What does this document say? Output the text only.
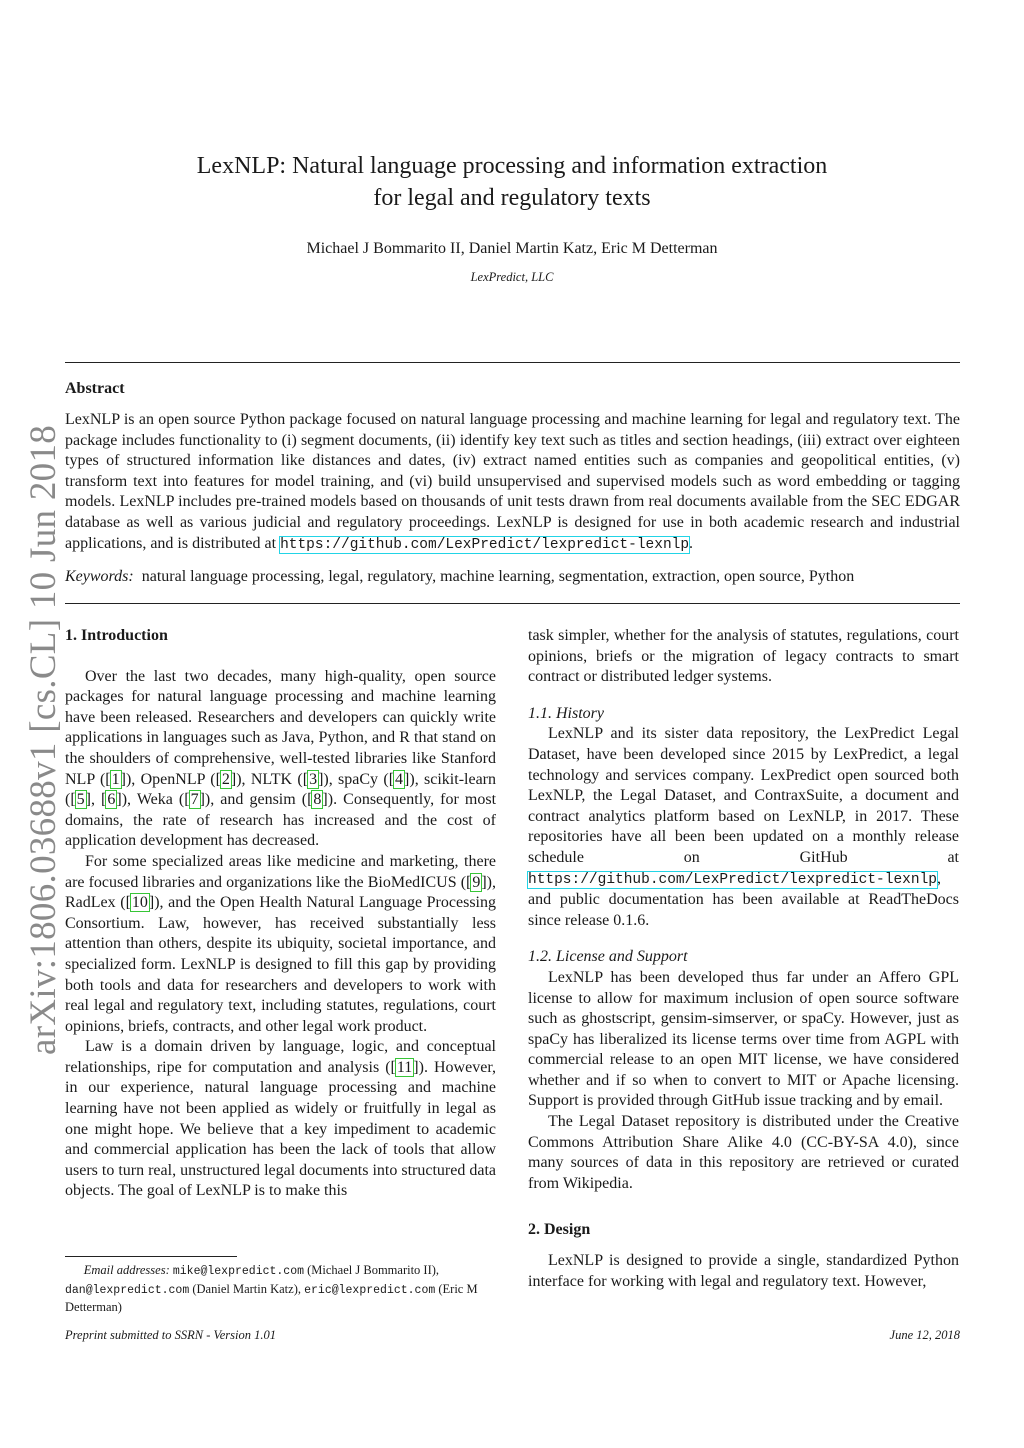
arXiv:1806.03688v1 [cs.CL] 10 Jun 2018
LexNLP: Natural language processing and information extraction
for legal and regulatory texts
Michael J Bommarito II, Daniel Martin Katz, Eric M Detterman
LexPredict, LLC
Abstract
LexNLP is an open source Python package focused on natural language processing and machine learning for legal and regulatory text. The package includes functionality to (i) segment documents, (ii) identify key text such as titles and section headings, (iii) extract over eighteen types of structured information like distances and dates, (iv) extract named entities such as companies and geopolitical entities, (v) transform text into features for model training, and (vi) build unsupervised and supervised models such as word embedding or tagging models. LexNLP includes pre-trained models based on thousands of unit tests drawn from real documents available from the SEC EDGAR database as well as various judicial and regulatory proceedings. LexNLP is designed for use in both academic research and industrial applications, and is distributed at https://github.com/LexPredict/lexpredict-lexnlp.
Keywords: natural language processing, legal, regulatory, machine learning, segmentation, extraction, open source, Python
1. Introduction

Over the last two decades, many high-quality, open source packages for natural language processing and machine learning have been released. Researchers and developers can quickly write applications in languages such as Java, Python, and R that stand on the shoulders of comprehensive, well-tested libraries like Stanford NLP ([1]), OpenNLP ([2]), NLTK ([3]), spaCy ([4]), scikit-learn ([5], [6]), Weka ([7]), and gensim ([8]). Consequently, for most domains, the rate of research has increased and the cost of application development has decreased.

For some specialized areas like medicine and marketing, there are focused libraries and organizations like the BioMedICUS ([9]), RadLex ([10]), and the Open Health Natural Language Processing Consortium. Law, however, has received substantially less attention than others, despite its ubiquity, societal importance, and specialized form. LexNLP is designed to fill this gap by providing both tools and data for researchers and developers to work with real legal and regulatory text, including statutes, regulations, court opinions, briefs, contracts, and other legal work product.

Law is a domain driven by language, logic, and conceptual relationships, ripe for computation and analysis ([11]). However, in our experience, natural language processing and machine learning have not been applied as widely or fruitfully in legal as one might hope. We believe that a key impediment to academic and commercial application has been the lack of tools that allow users to turn real, unstructured legal documents into structured data objects. The goal of LexNLP is to make this

task simpler, whether for the analysis of statutes, regulations, court opinions, briefs or the migration of legacy contracts to smart contract or distributed ledger systems.

1.1. History

LexNLP and its sister data repository, the LexPredict Legal Dataset, have been developed since 2015 by LexPredict, a legal technology and services company. LexPredict open sourced both LexNLP, the Legal Dataset, and ContraxSuite, a document and contract analytics platform based on LexNLP, in 2017. These repositories have all been been updated on a monthly release schedule on GitHub at https://github.com/LexPredict/lexpredict-lexnlp, and public documentation has been available at ReadTheDocs since release 0.1.6.

1.2. License and Support

LexNLP has been developed thus far under an Affero GPL license to allow for maximum inclusion of open source software such as ghostscript, gensim-simserver, or spaCy. However, just as spaCy has liberalized its license terms over time from AGPL with commercial release to an open MIT license, we have considered whether and if so when to convert to MIT or Apache licensing. Support is provided through GitHub issue tracking and by email.

The Legal Dataset repository is distributed under the Creative Commons Attribution Share Alike 4.0 (CC-BY-SA 4.0), since many sources of data in this repository are retrieved or curated from Wikipedia.

2. Design

LexNLP is designed to provide a single, standardized Python interface for working with legal and regulatory text. However,

Email addresses: mike@lexpredict.com (Michael J Bommarito II), dan@lexpredict.com (Daniel Martin Katz), eric@lexpredict.com (Eric M Detterman)
Preprint submitted to SSRN - Version 1.01	June 12, 2018
